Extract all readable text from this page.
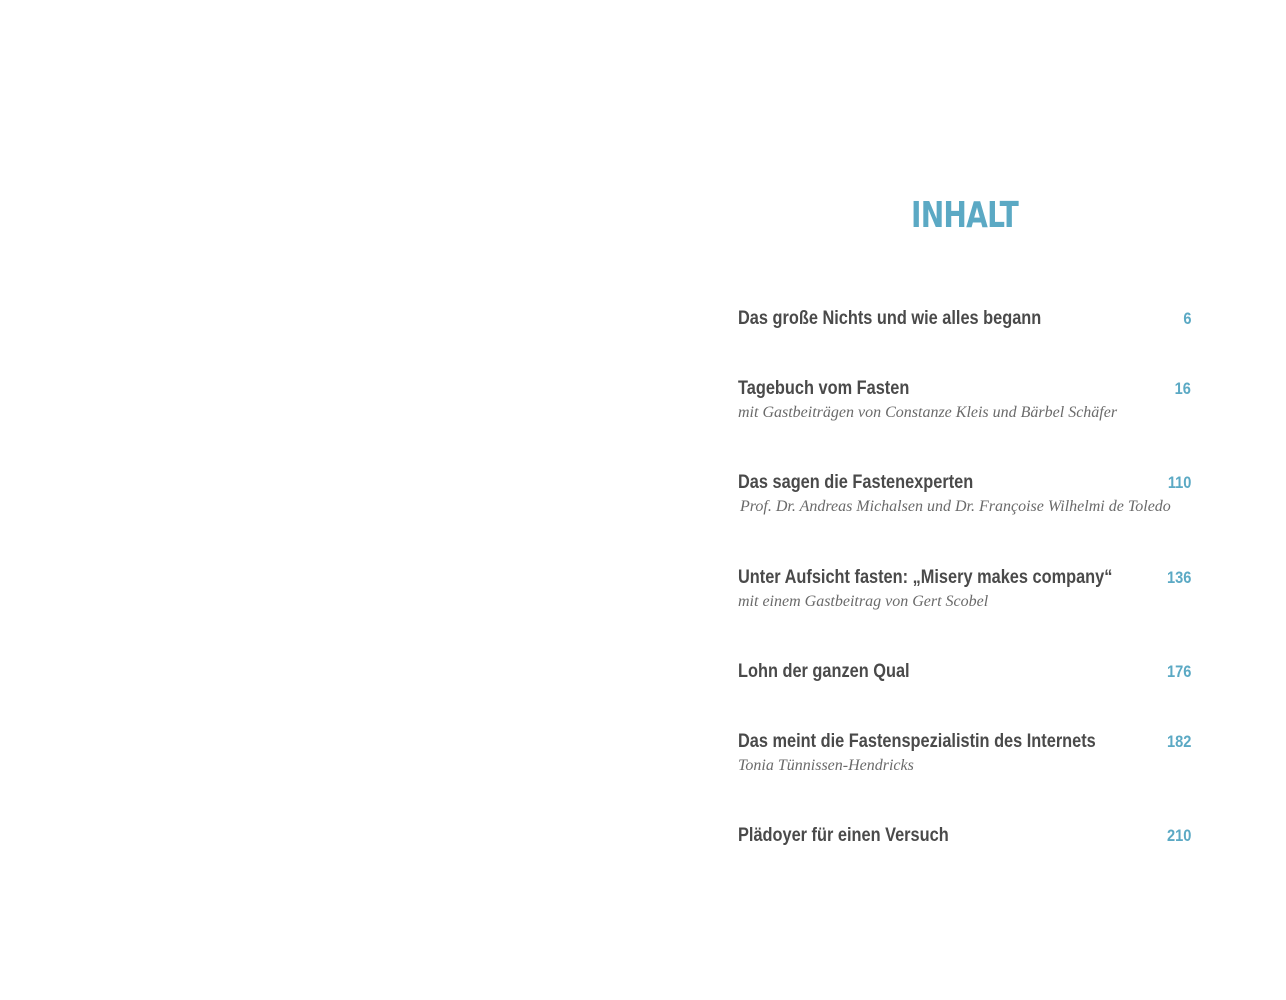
INHALT
Das große Nichts und wie alles begann	6
Tagebuch vom Fasten	16
mit Gastbeiträgen von Constanze Kleis und Bärbel Schäfer
Das sagen die Fastenexperten	110
Prof. Dr. Andreas Michalsen und Dr. Françoise Wilhelmi de Toledo
Unter Aufsicht fasten: „Misery makes company“	136
mit einem Gastbeitrag von Gert Scobel
Lohn der ganzen Qual	176
Das meint die Fastenspezialistin des Internets	182
Tonia Tünnissen-Hendricks
Plädoyer für einen Versuch	210
